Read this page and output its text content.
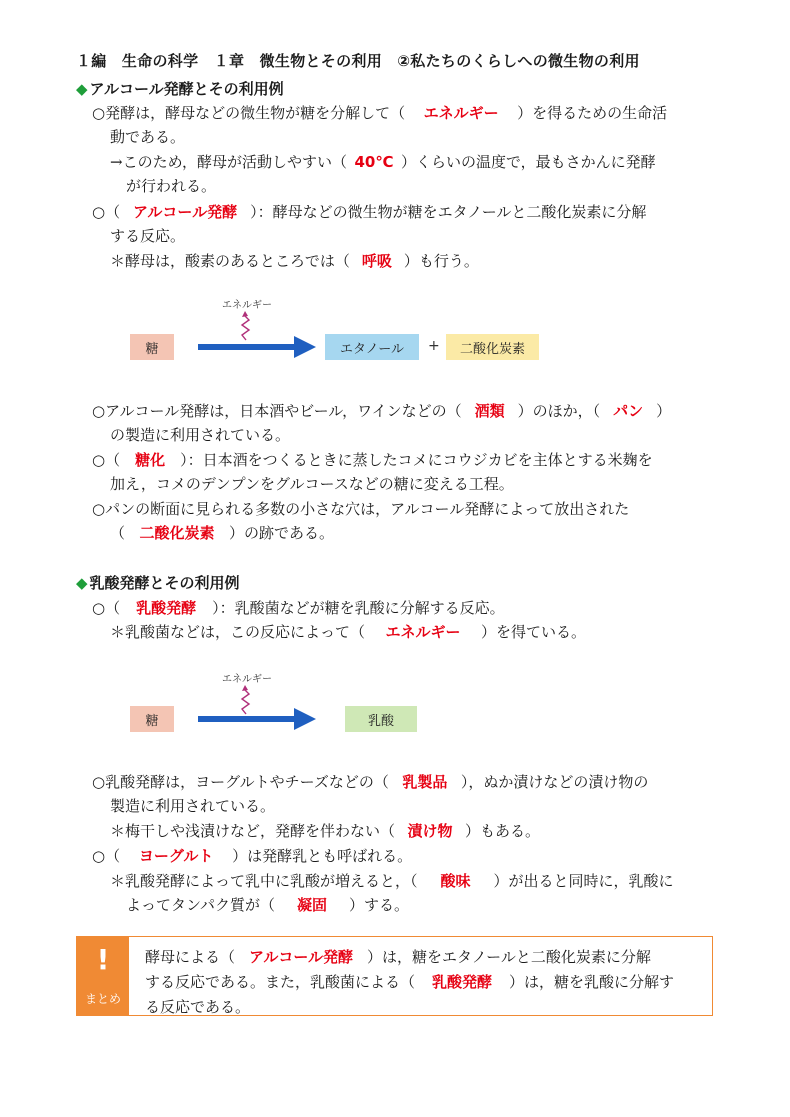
１編　生命の科学　１章　微生物とその利用　②私たちのくらしへの微生物の利用
◆ アルコール発酵とその利用例
○発酵は，酵母などの微生物が糖を分解して（ エネルギー ）を得るための生命活
動である。
→このため，酵母が活動しやすい（ 40℃ ）くらいの温度で，最もさかんに発酵
が行われる。
○（ アルコール発酵 ）：酵母などの微生物が糖をエタノールと二酸化炭素に分解
する反応。
＊酵母は，酸素のあるところでは（ 呼吸 ）も行う。
エネルギー
糖	エタノール	+	二酸化炭素
○アルコール発酵は，日本酒やビール，ワインなどの（ 酒類 ）のほか，（ パン ）
の製造に利用されている。
○（ 糖化 ）：日本酒をつくるときに蒸したコメにコウジカビを主体とする米麹を
加え，コメのデンプンをグルコースなどの糖に変える工程。
○パンの断面に見られる多数の小さな穴は，アルコール発酵によって放出された
（ 二酸化炭素 ）の跡である。
◆ 乳酸発酵とその利用例
○（ 乳酸発酵 ）：乳酸菌などが糖を乳酸に分解する反応。
＊乳酸菌などは，この反応によって（ エネルギー ）を得ている。
エネルギー
糖	乳酸
○乳酸発酵は，ヨーグルトやチーズなどの（ 乳製品 ），ぬか漬けなどの漬け物の
製造に利用されている。
＊梅干しや浅漬けなど，発酵を伴わない（ 漬け物 ）もある。
○（ ヨーグルト ）は発酵乳とも呼ばれる。
＊乳酸発酵によって乳中に乳酸が増えると，（ 酸味 ）が出ると同時に，乳酸に
よってタンパク質が（ 凝固 ）する。
!
まとめ
酵母による（ アルコール発酵 ）は，糖をエタノールと二酸化炭素に分解
する反応である。また，乳酸菌による（ 乳酸発酵 ）は，糖を乳酸に分解す
る反応である。
